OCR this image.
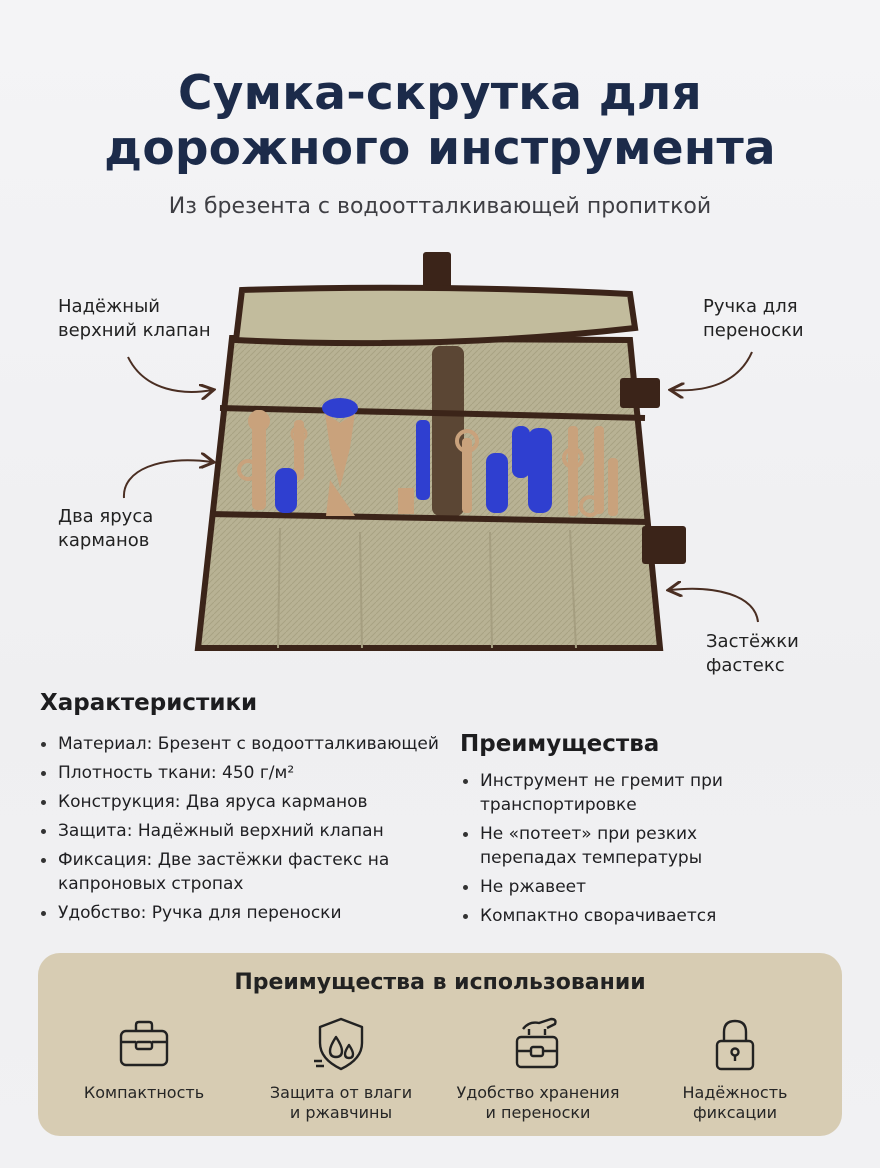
Сумка-скрутка для
дорожного инструмента
Из брезента с водоотталкивающей пропиткой
Надёжный
верхний клапан
Ручка для
переноски
Два яруса
карманов
Застёжки
фастекс
Характеристики
Материал: Брезент с водоотталкивающей
Плотность ткани: 450 г/м²
Конструкция: Два яруса карманов
Защита: Надёжный верхний клапан
Фиксация: Две застёжки фастекс на капроновых стропах
Удобство: Ручка для переноски
Преимущества
Инструмент не гремит при транспортировке
Не «потеет» при резких перепадах температуры
Не ржавеет
Компактно сворачивается
Преимущества в использовании
Компактность	Защита от влаги
и ржавчины
Удобство хранения
и переноски
Надёжность
фиксации
